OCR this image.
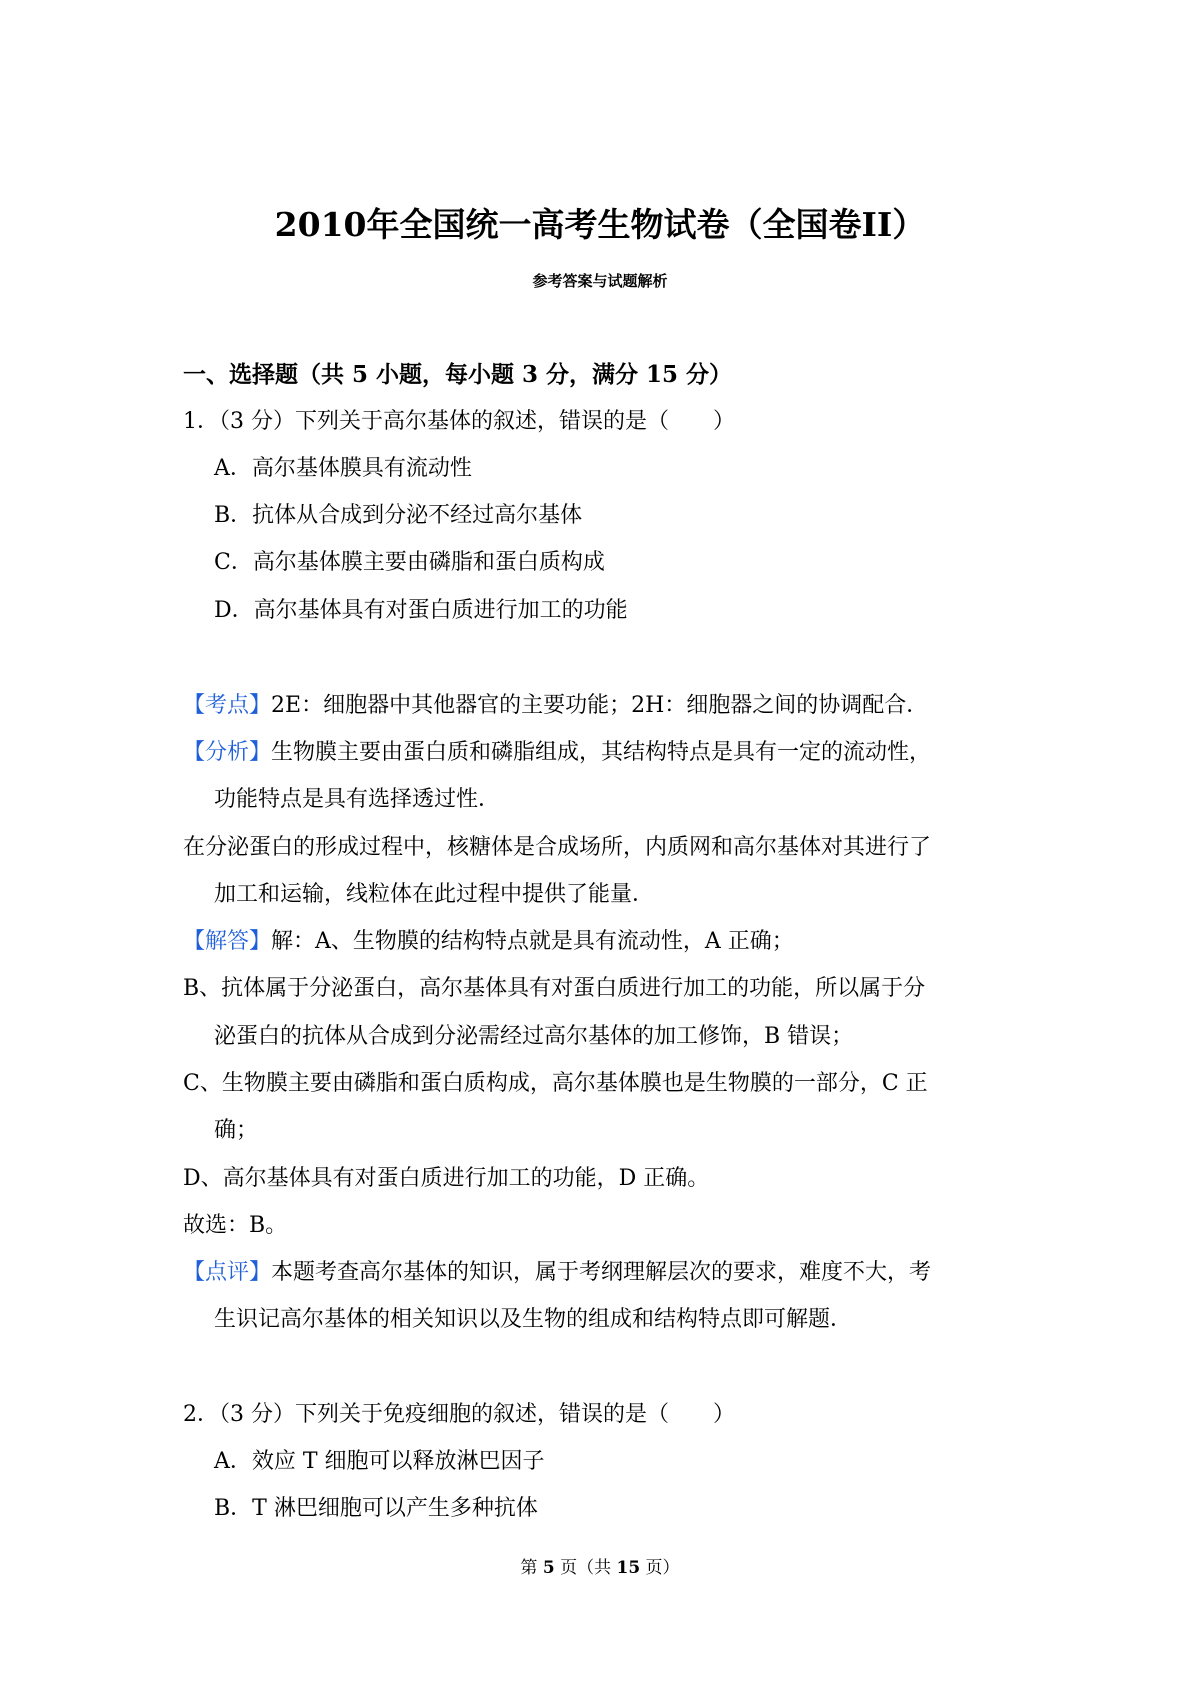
2010年全国统一高考生物试卷（全国卷II）
参考答案与试题解析
一、选择题（共 5 小题，每小题 3 分，满分 15 分）
1．（3 分）下列关于高尔基体的叙述，错误的是（　　）
A．高尔基体膜具有流动性
B．抗体从合成到分泌不经过高尔基体
C．高尔基体膜主要由磷脂和蛋白质构成
D．高尔基体具有对蛋白质进行加工的功能
【考点】2E：细胞器中其他器官的主要功能；2H：细胞器之间的协调配合．
【分析】生物膜主要由蛋白质和磷脂组成，其结构特点是具有一定的流动性，
功能特点是具有选择透过性．
在分泌蛋白的形成过程中，核糖体是合成场所，内质网和高尔基体对其进行了
加工和运输，线粒体在此过程中提供了能量．
【解答】解：A、生物膜的结构特点就是具有流动性，A 正确；
B、抗体属于分泌蛋白，高尔基体具有对蛋白质进行加工的功能，所以属于分
泌蛋白的抗体从合成到分泌需经过高尔基体的加工修饰，B 错误；
C、生物膜主要由磷脂和蛋白质构成，高尔基体膜也是生物膜的一部分，C 正
确；
D、高尔基体具有对蛋白质进行加工的功能，D 正确。
故选：B。
【点评】本题考查高尔基体的知识，属于考纲理解层次的要求，难度不大，考
生识记高尔基体的相关知识以及生物的组成和结构特点即可解题．
2．（3 分）下列关于免疫细胞的叙述，错误的是（　　）
A．效应 T 细胞可以释放淋巴因子
B．T 淋巴细胞可以产生多种抗体
第 5 页（共 15 页）
